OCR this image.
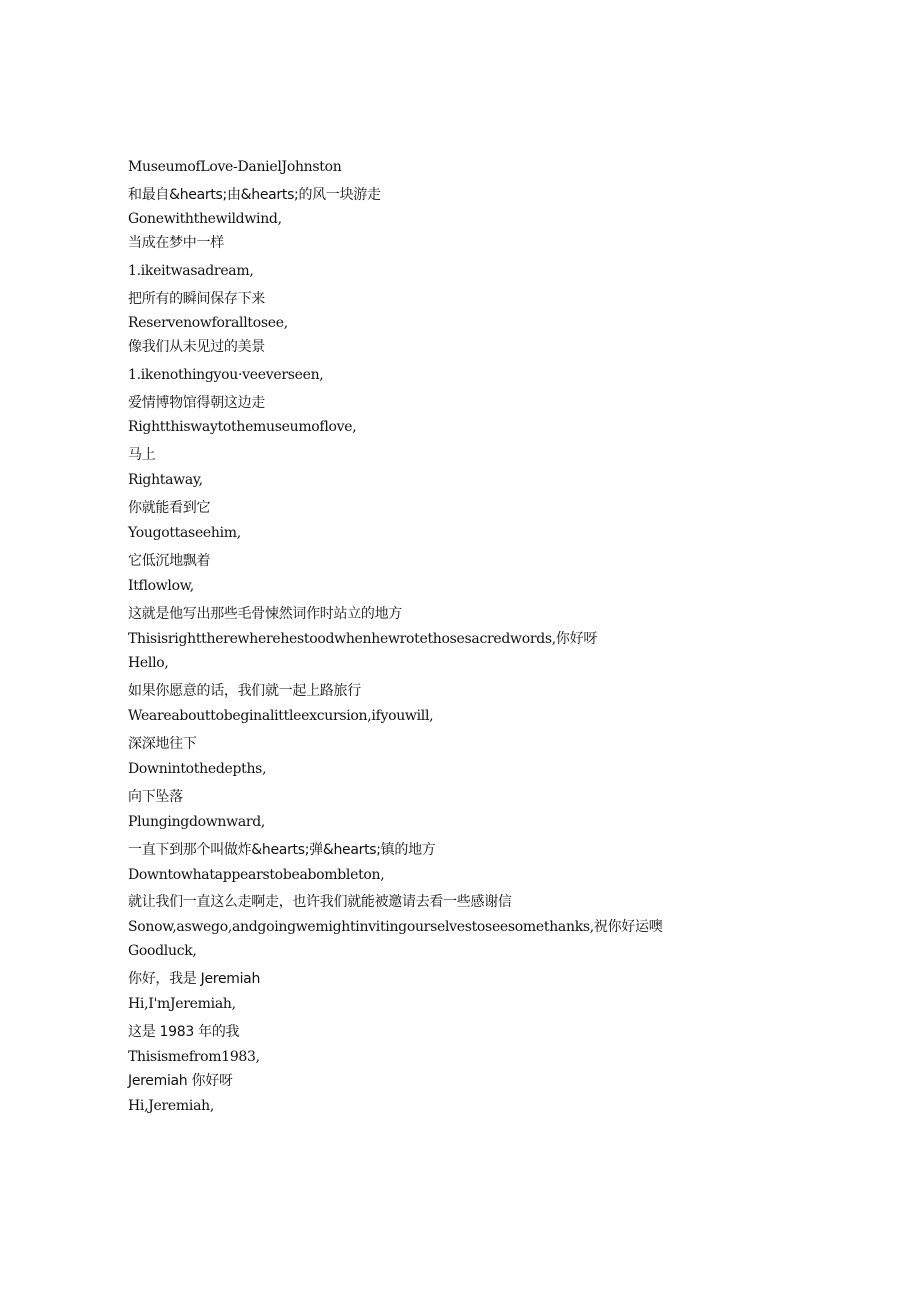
MuseumofLove-DanielJohnston
和最自&hearts;由&hearts;的风一块游走
Gonewiththewildwind,
当成在梦中一样
1.ikeitwasadream,
把所有的瞬间保存下来
Reservenowforalltosee,
像我们从未见过的美景
1.ikenothingyou·veeverseen,
爱情博物馆得朝这边走
Rightthiswaytothemuseumoflove,
马上
Rightaway,
你就能看到它
Yougottaseehim,
它低沉地飘着
Itflowlow,
这就是他写出那些毛骨悚然词作时站立的地方
Thisisrighttherewherehestoodwhenhewrotethosesacredwords,你好呀
Hello,
如果你愿意的话，我们就一起上路旅行
Weareabouttobeginalittleexcursion,ifyouwill,
深深地往下
Downintothedepths,
向下坠落
Plungingdownward,
一直下到那个叫做炸&hearts;弹&hearts;镇的地方
Downtowhatappearstobeabombleton,
就让我们一直这么走啊走，也许我们就能被邀请去看一些感谢信
Sonow,aswego,andgoingwemightinvitingourselvestoseesomethanks,祝你好运噢
Goodluck,
你好，我是 Jeremiah
Hi,I'mJeremiah,
这是 1983 年的我
Thisismefrom1983,
Jeremiah 你好呀
Hi,Jeremiah,
